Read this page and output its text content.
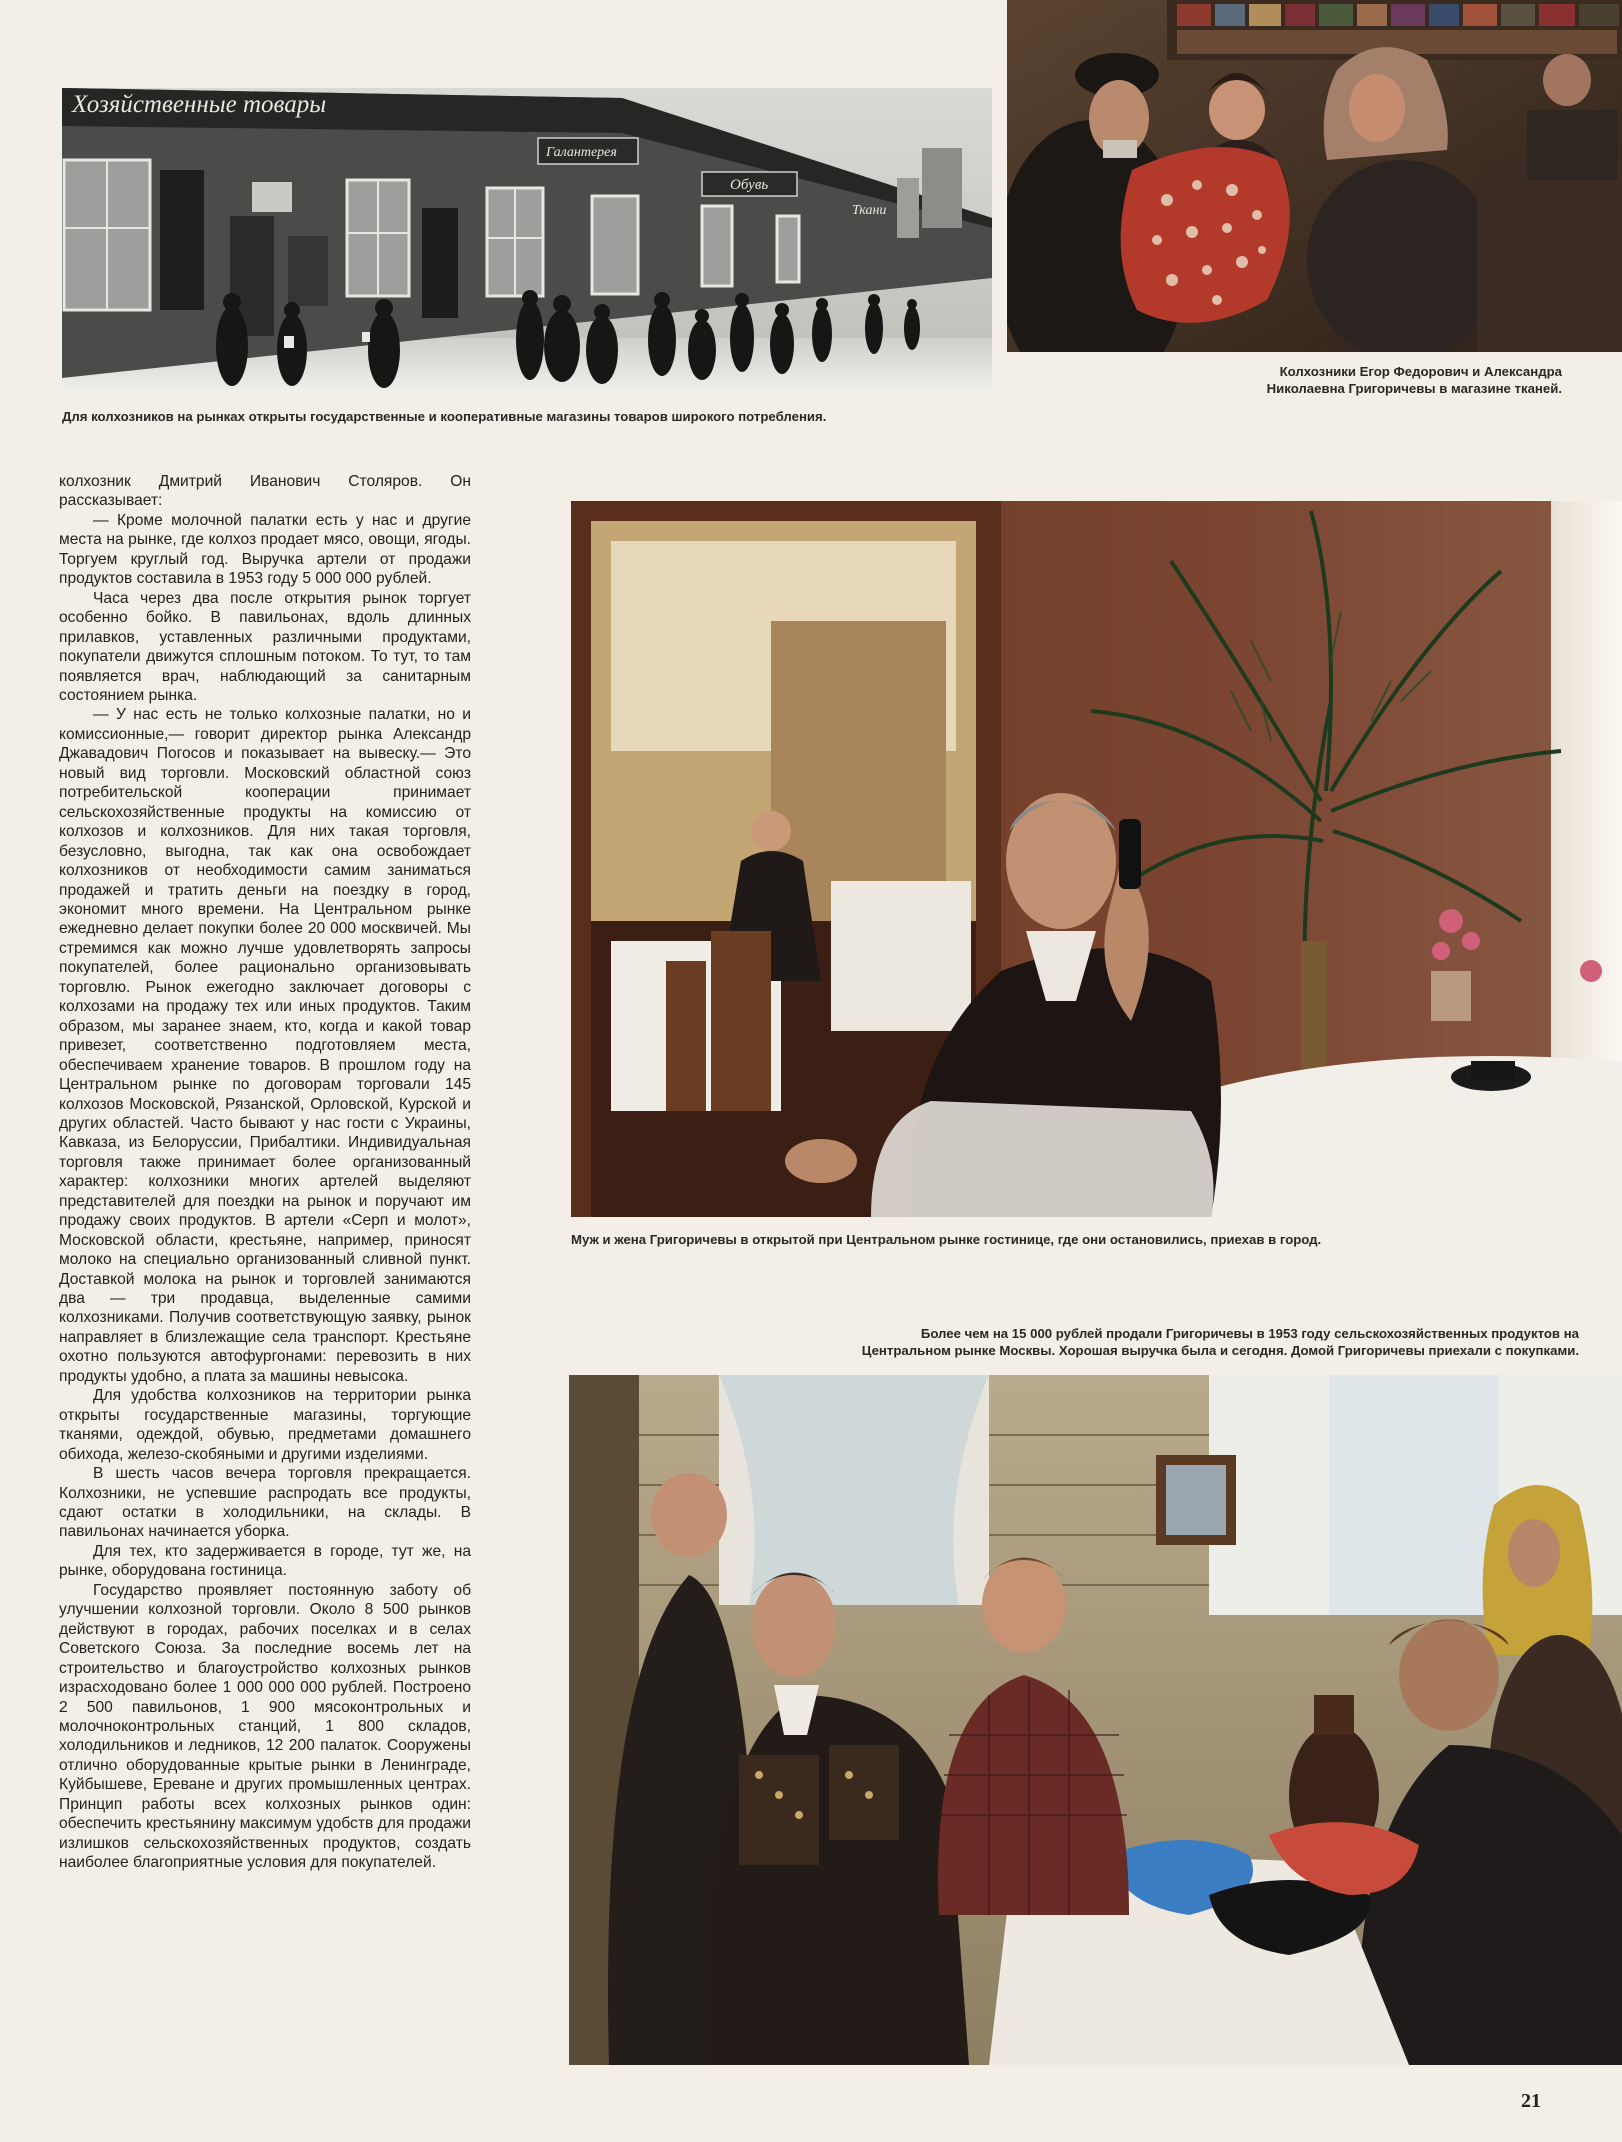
Хозяйственные товары
Галантерея
Обувь
Ткани
Для колхозников на рынках открыты государственные и кооперативные магазины товаров широкого потребления.
Колхозники Егор Федорович и Александра
Николаевна Григоричевы в магазине тканей.

колхозник Дмитрий Иванович Столяров. Он рассказывает:

— Кроме молочной палатки есть у нас и другие места на рынке, где колхоз продает мясо, овощи, ягоды. Торгуем круглый год. Выручка артели от продажи продуктов составила в 1953 году 5 000 000 рублей.

Часа через два после открытия рынок торгует особенно бойко. В павильонах, вдоль длинных прилавков, уставленных различными продуктами, покупатели движутся сплошным потоком. То тут, то там появляется врач, наблюдающий за санитарным состоянием рынка.

— У нас есть не только колхозные палатки, но и комиссионные,— говорит директор рынка Александр Джавадович Погосов и показывает на вывеску.— Это новый вид торговли. Московский областной союз потребительской кооперации принимает сельскохозяйственные продукты на комиссию от колхозов и колхозников. Для них такая торговля, безусловно, выгодна, так как она освобождает колхозников от необходимости самим заниматься продажей и тратить деньги на поездку в город, экономит много времени. На Центральном рынке ежедневно делает покупки более 20 000 москвичей. Мы стремимся как можно лучше удовлетворять запросы покупателей, более рационально организовывать торговлю. Рынок ежегодно заключает договоры с колхозами на продажу тех или иных продуктов. Таким образом, мы заранее знаем, кто, когда и какой товар привезет, соответственно подготовляем места, обеспечиваем хранение товаров. В прошлом году на Центральном рынке по договорам торговали 145 колхозов Московской, Рязанской, Орловской, Курской и других областей. Часто бывают у нас гости с Украины, Кавказа, из Белоруссии, Прибалтики. Индивидуальная торговля также принимает более организованный характер: колхозники многих артелей выделяют представителей для поездки на рынок и поручают им продажу своих продуктов. В артели «Серп и молот», Московской области, крестьяне, например, приносят молоко на специально организованный сливной пункт. Доставкой молока на рынок и торговлей занимаются два — три продавца, выделенные самими колхозниками. Получив соответствующую заявку, рынок направляет в близлежащие села транспорт. Крестьяне охотно пользуются автофургонами: перевозить в них продукты удобно, а плата за машины невысока.

Для удобства колхозников на территории рынка открыты государственные магазины, торгующие тканями, одеждой, обувью, предметами домашнего обихода, железо-скобяными и другими изделиями.

В шесть часов вечера торговля прекращается. Колхозники, не успевшие распродать все продукты, сдают остатки в холодильники, на склады. В павильонах начинается уборка.

Для тех, кто задерживается в городе, тут же, на рынке, оборудована гостиница.

Государство проявляет постоянную заботу об улучшении колхозной торговли. Около 8 500 рынков действуют в городах, рабочих поселках и в селах Советского Союза. За последние восемь лет на строительство и благоустройство колхозных рынков израсходовано более 1 000 000 000 рублей. Построено 2 500 павильонов, 1 900 мясоконтрольных и молочноконтрольных станций, 1 800 складов, холодильников и ледников, 12 200 палаток. Сооружены отлично оборудованные крытые рынки в Ленинграде, Куйбышеве, Ереване и других промышленных центрах. Принцип работы всех колхозных рынков один: обеспечить крестьянину максимум удобств для продажи излишков сельскохозяйственных продуктов, создать наиболее благоприятные условия для покупателей.

Муж и жена Григоричевы в открытой при Центральном рынке гостинице, где они остановились, приехав в город.
Более чем на 15 000 рублей продали Григоричевы в 1953 году сельскохозяйственных продуктов на
Центральном рынке Москвы. Хорошая выручка была и сегодня. Домой Григоричевы приехали с покупками.
21
